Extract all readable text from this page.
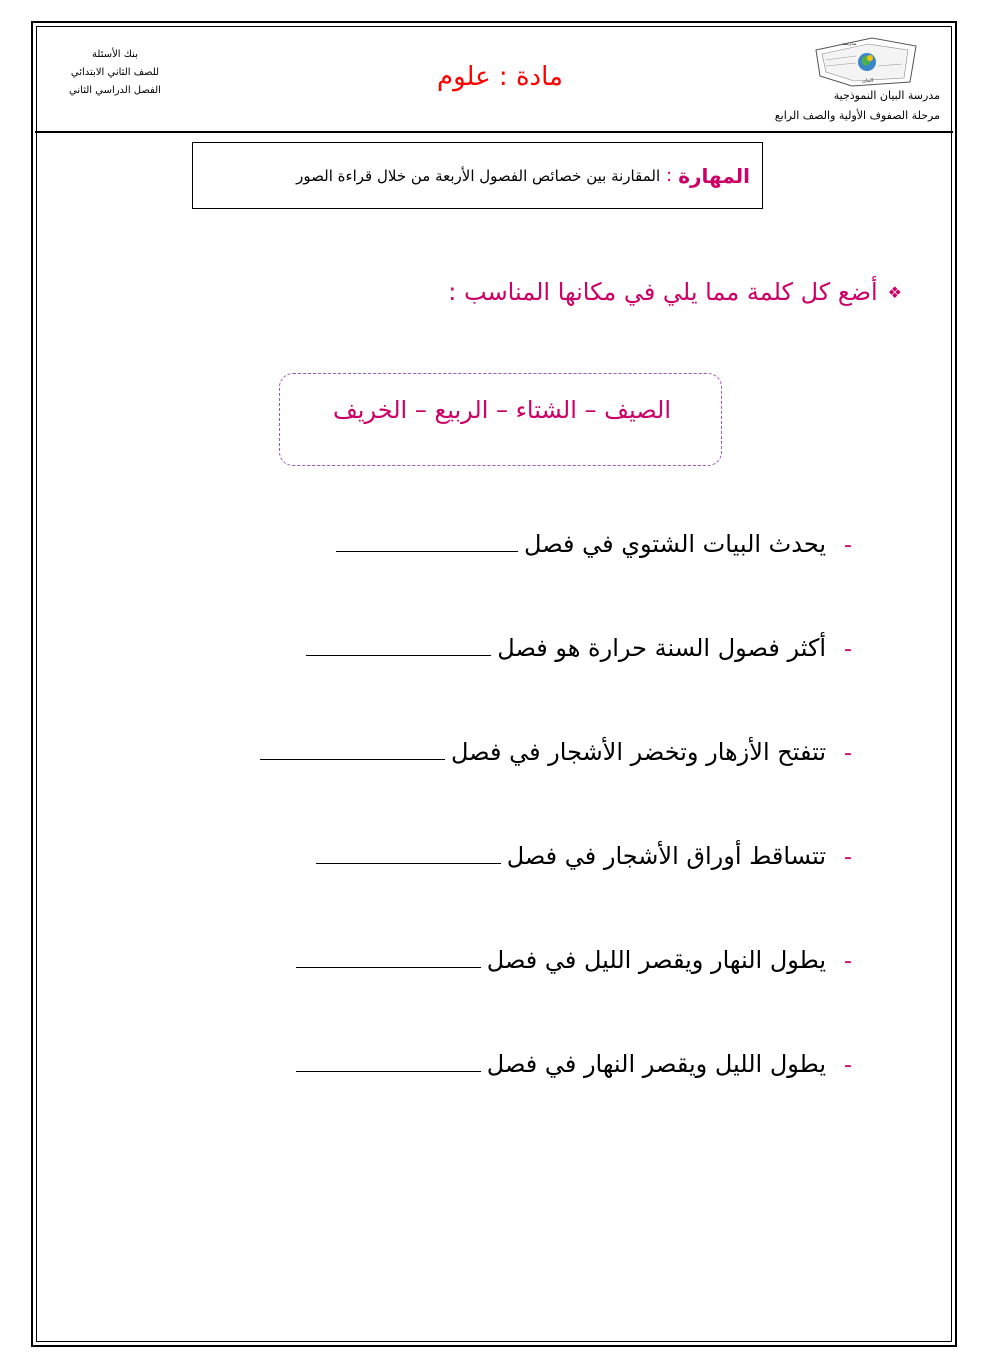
بنك الأسئلة
للصف الثاني الابتدائي
الفصل الدراسي الثاني	مادة : علوم
مدرسة
البيان
مدرسة البيان النموذجية
مرحلة الصفوف الأولية والصف الرابع
المهارة
:
المقارنة بين خصائص الفصول الأربعة من خلال قراءة الصور
❖
أضع كل كلمة مما يلي في مكانها المناسب :
الصيف – الشتاء – الربيع – الخريف
-
يحدث البيات الشتوي في فصل
-
أكثر فصول السنة حرارة هو فصل
-
تتفتح الأزهار وتخضر الأشجار في فصل
-
تتساقط أوراق الأشجار في فصل
-
يطول النهار ويقصر الليل في فصل
-
يطول الليل ويقصر النهار في فصل
